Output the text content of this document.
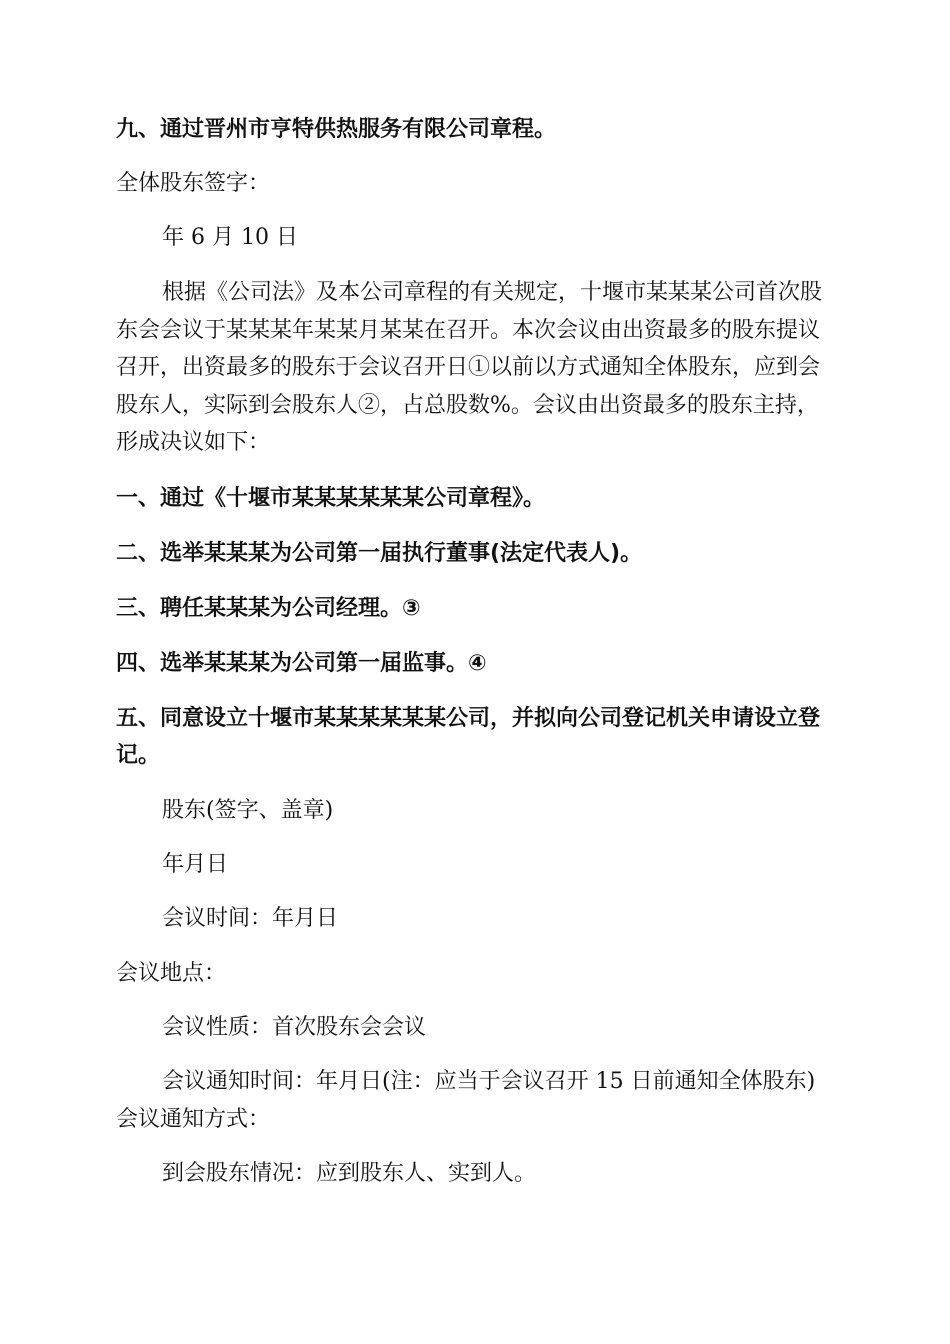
九、通过晋州市亨特供热服务有限公司章程。

全体股东签字：

年 6 月 10 日

根据《公司法》及本公司章程的有关规定，十堰市某某某公司首次股东会会议于某某某年某某月某某在召开。本次会议由出资最多的股东提议召开，出资最多的股东于会议召开日①以前以方式通知全体股东，应到会股东人，实际到会股东人②，占总股数%。会议由出资最多的股东主持，形成决议如下：

一、通过《十堰市某某某某某某公司章程》。

二、选举某某某为公司第一届执行董事(法定代表人)。

三、聘任某某某为公司经理。③

四、选举某某某为公司第一届监事。④

五、同意设立十堰市某某某某某某公司，并拟向公司登记机关申请设立登

记。

股东(签字、盖章)

年月日

会议时间：年月日

会议地点：

会议性质：首次股东会会议

会议通知时间：年月日(注：应当于会议召开 15 日前通知全体股东)

会议通知方式：

到会股东情况：应到股东人、实到人。
